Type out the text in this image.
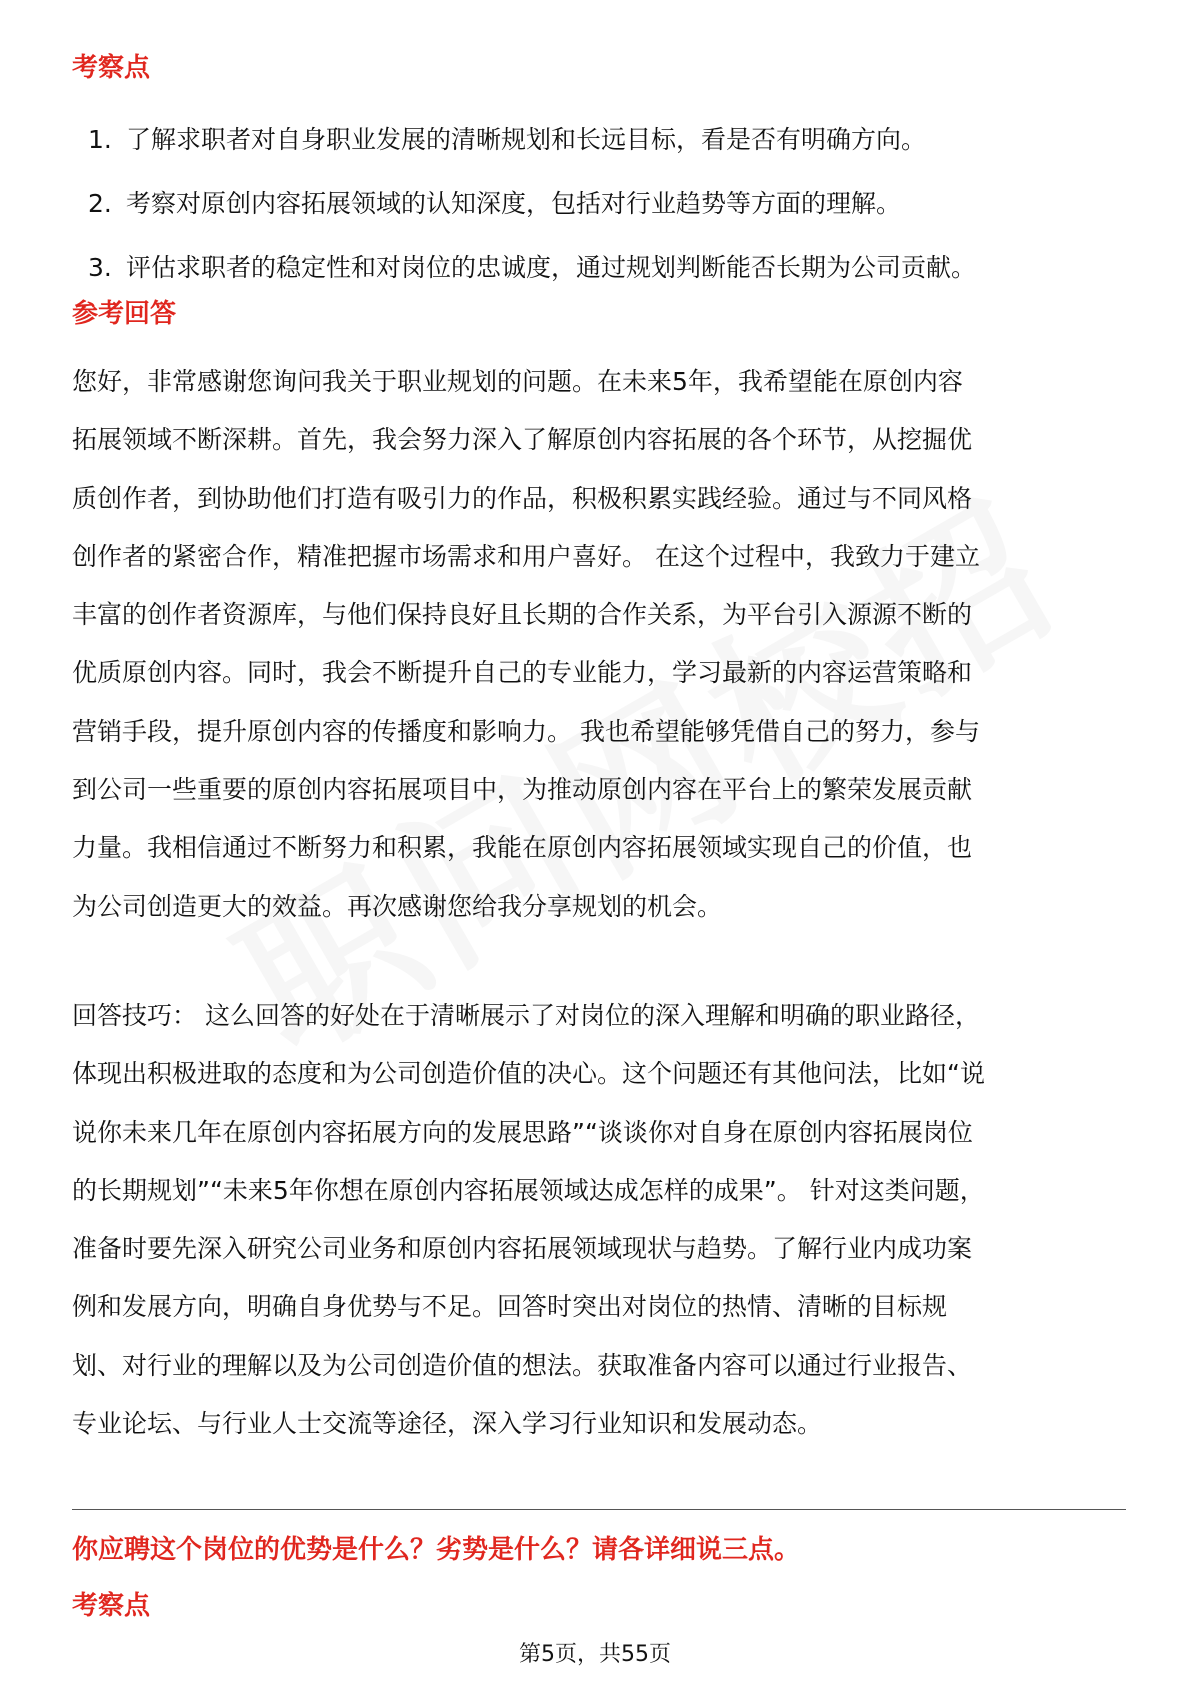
考察点
1. 了解求职者对自身职业发展的清晰规划和长远目标，看是否有明确方向。
2. 考察对原创内容拓展领域的认知深度，包括对行业趋势等方面的理解。
3. 评估求职者的稳定性和对岗位的忠诚度，通过规划判断能否长期为公司贡献。
参考回答
您好，非常感谢您询问我关于职业规划的问题。在未来5年，我希望能在原创内容
拓展领域不断深耕。首先，我会努力深入了解原创内容拓展的各个环节，从挖掘优
质创作者，到协助他们打造有吸引力的作品，积极积累实践经验。通过与不同风格
创作者的紧密合作，精准把握市场需求和用户喜好。 在这个过程中，我致力于建立
丰富的创作者资源库，与他们保持良好且长期的合作关系，为平台引入源源不断的
优质原创内容。同时，我会不断提升自己的专业能力，学习最新的内容运营策略和
营销手段，提升原创内容的传播度和影响力。 我也希望能够凭借自己的努力，参与
到公司一些重要的原创内容拓展项目中，为推动原创内容在平台上的繁荣发展贡献
力量。我相信通过不断努力和积累，我能在原创内容拓展领域实现自己的价值，也
为公司创造更大的效益。再次感谢您给我分享规划的机会。
回答技巧： 这么回答的好处在于清晰展示了对岗位的深入理解和明确的职业路径，
体现出积极进取的态度和为公司创造价值的决心。这个问题还有其他问法，比如“说
说你未来几年在原创内容拓展方向的发展思路”“谈谈你对自身在原创内容拓展岗位
的长期规划”“未来5年你想在原创内容拓展领域达成怎样的成果”。 针对这类问题，
准备时要先深入研究公司业务和原创内容拓展领域现状与趋势。了解行业内成功案
例和发展方向，明确自身优势与不足。回答时突出对岗位的热情、清晰的目标规
划、对行业的理解以及为公司创造价值的想法。获取准备内容可以通过行业报告、
专业论坛、与行业人士交流等途径，深入学习行业知识和发展动态。
你应聘这个岗位的优势是什么？劣势是什么？请各详细说三点。
考察点
第5页，共55页
